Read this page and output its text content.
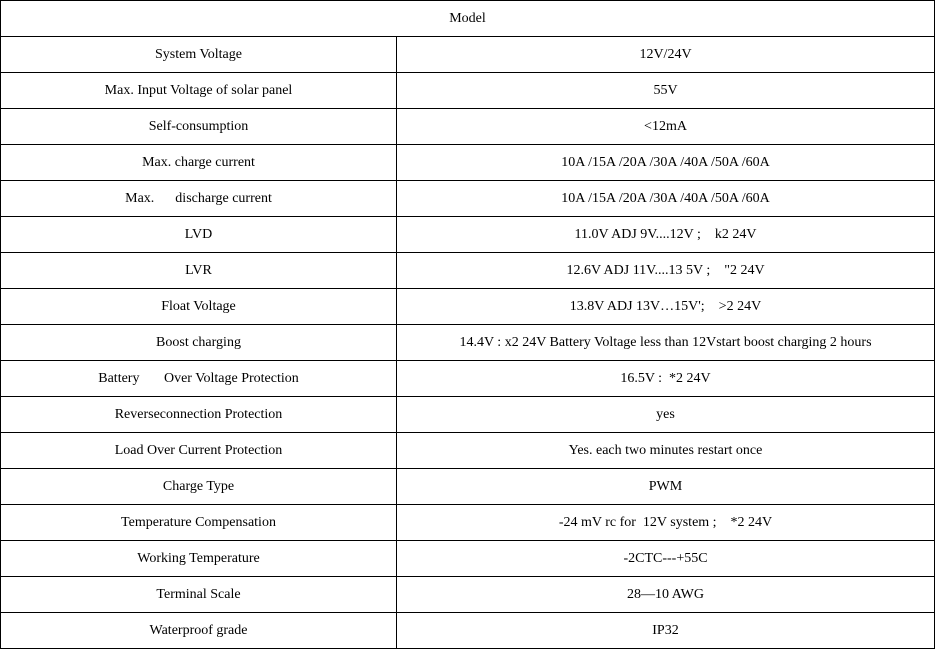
Model	
System Voltage	12V/24V
Max. Input Voltage of solar panel	55V
Self-consumption	<12mA
Max. charge current	10A /15A /20A /30A /40A /50A /60A
Max.      discharge current	10A /15A /20A /30A /40A /50A /60A
LVD	11.0V ADJ 9V....12V ;    k2 24V
LVR	12.6V ADJ 11V....13 5V ;    "2 24V
Float Voltage	13.8V ADJ 13V…15V';    >2 24V
Boost charging	14.4V : x2 24V Battery Voltage less than 12Vstart boost charging 2 hours
Battery       Over Voltage Protection	16.5V :  *2 24V
Reverseconnection Protection	yes
Load Over Current Protection	Yes. each two minutes restart once
Charge Type	PWM
Temperature Compensation	-24 mV rc for  12V system ;    *2 24V
Working Temperature	-2CTC---+55C
Terminal Scale	28—10 AWG
Waterproof grade	IP32
